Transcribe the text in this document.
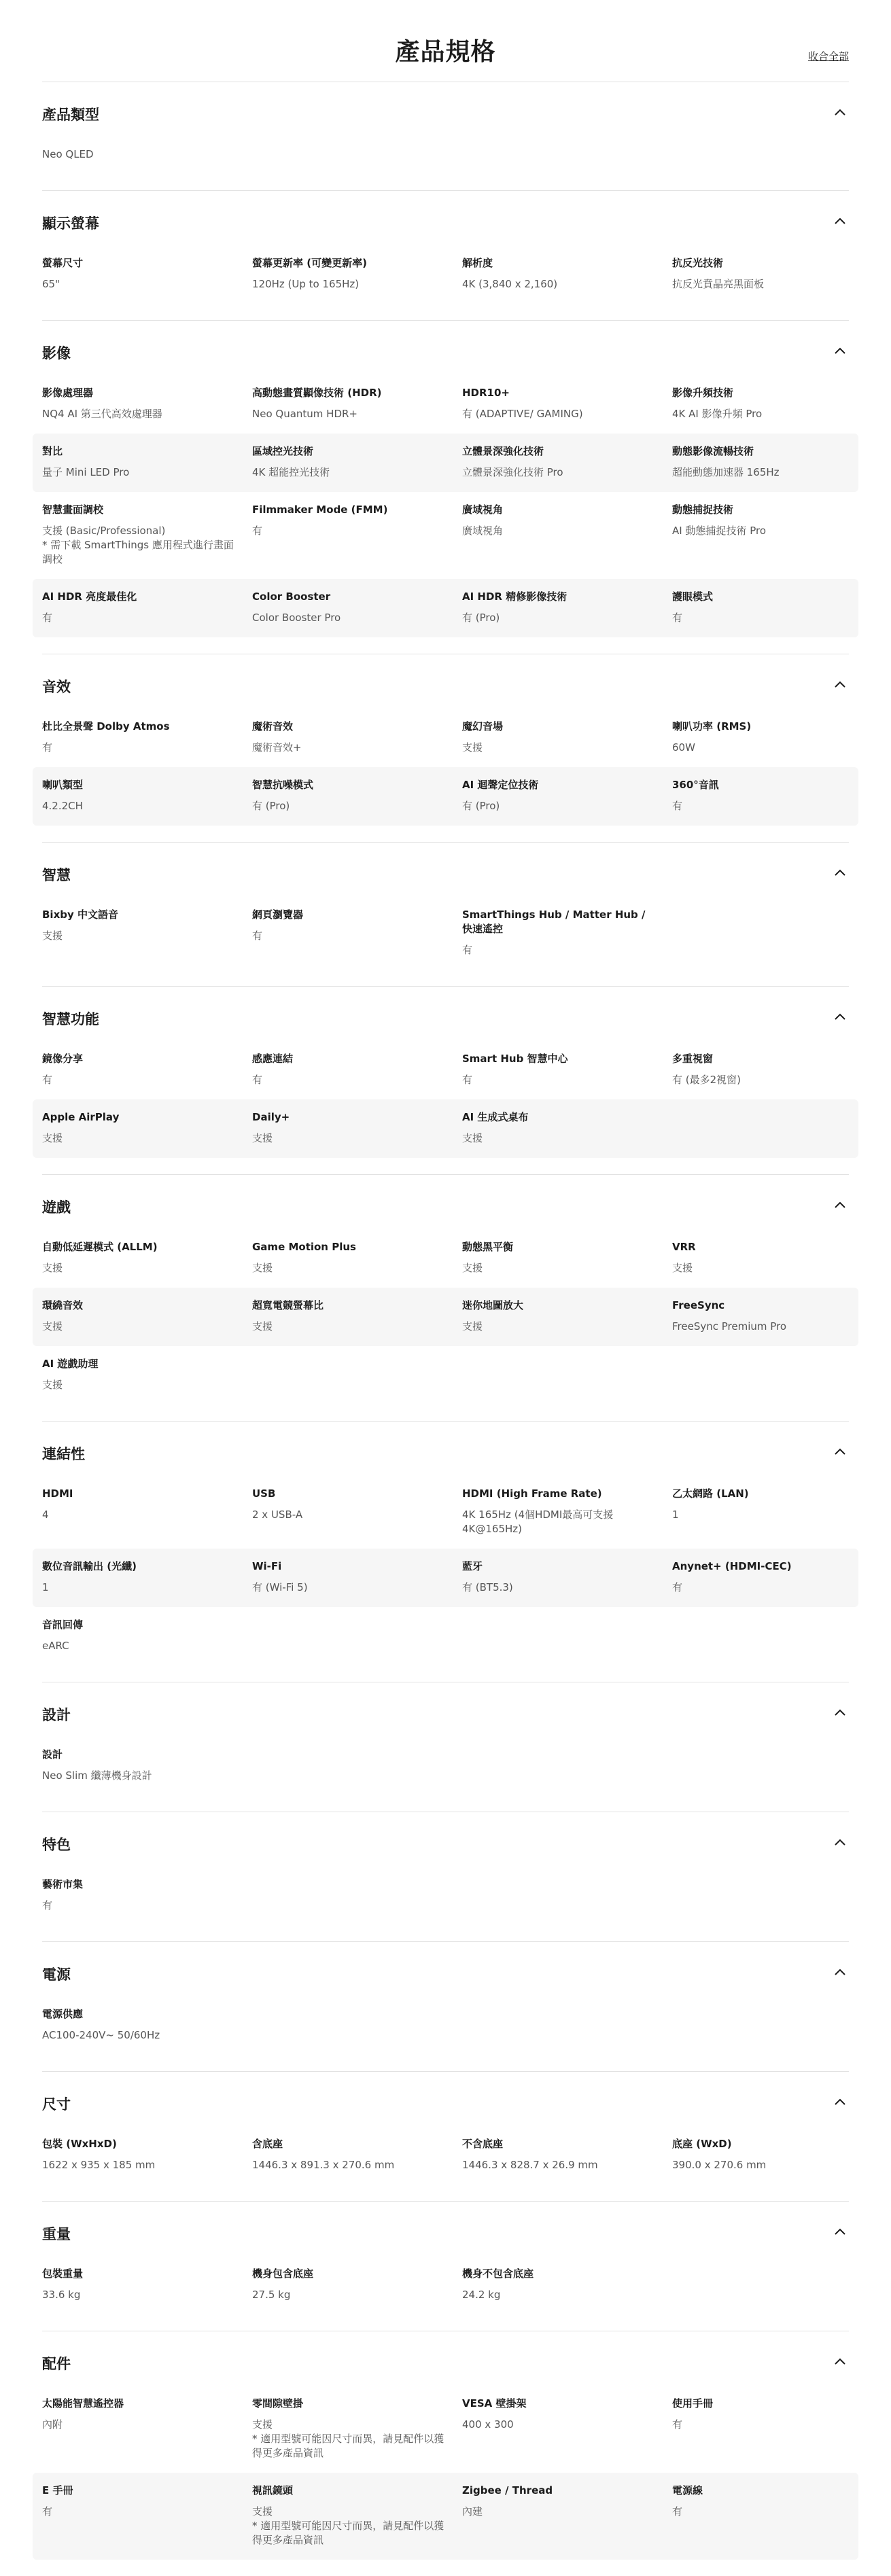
產品規格	收合全部
產品類型
Neo QLED
顯示螢幕
螢幕尺寸
65"
螢幕更新率 (可變更新率)
120Hz (Up to 165Hz)
解析度
4K (3,840 x 2,160)
抗反光技術
抗反光賁晶亮黑面板
影像
影像處理器
NQ4 AI 第三代高效處理器
高動態畫質顯像技術 (HDR)
Neo Quantum HDR+
HDR10+
有 (ADAPTIVE/ GAMING)
影像升頻技術
4K AI 影像升頻 Pro
對比
量子 Mini LED Pro
區域控光技術
4K 超能控光技術
立體景深強化技術
立體景深強化技術 Pro
動態影像流暢技術
超能動態加速器 165Hz
智慧畫面調校
支援 (Basic/Professional)
* 需下載 SmartThings 應用程式進行畫面調校
Filmmaker Mode (FMM)
有
廣域視角
廣域視角
動態捕捉技術
AI 動態捕捉技術 Pro
AI HDR 亮度最佳化
有
Color Booster
Color Booster Pro
AI HDR 精修影像技術
有 (Pro)
護眼模式
有
音效
杜比全景聲 Dolby Atmos
有
魔術音效
魔術音效+
魔幻音場
支援
喇叭功率 (RMS)
60W
喇叭類型
4.2.2CH
智慧抗噪模式
有 (Pro)
AI 迴聲定位技術
有 (Pro)
360°音訊
有
智慧
Bixby 中文語音
支援
網頁瀏覽器
有
SmartThings Hub / Matter Hub / 快速遙控
有
智慧功能
鏡像分享
有
感應連結
有
Smart Hub 智慧中心
有
多重視窗
有 (最多2視窗)
Apple AirPlay
支援
Daily+
支援
AI 生成式桌布
支援
遊戲
自動低延遲模式 (ALLM)
支援
Game Motion Plus
支援
動態黑平衡
支援
VRR
支援
環繞音效
支援
超寬電競螢幕比
支援
迷你地圖放大
支援
FreeSync
FreeSync Premium Pro
AI 遊戲助理
支援
連結性
HDMI
4
USB
2 x USB-A
HDMI (High Frame Rate)
4K 165Hz (4個HDMI最高可支援4K@165Hz)
乙太網路 (LAN)
1
數位音訊輸出 (光纖)
1
Wi-Fi
有 (Wi-Fi 5)
藍牙
有 (BT5.3)
Anynet+ (HDMI-CEC)
有
音訊回傳
eARC
設計
設計
Neo Slim 纖薄機身設計
特色
藝術市集
有
電源
電源供應
AC100-240V~ 50/60Hz
尺寸
包裝 (WxHxD)
1622 x 935 x 185 mm
含底座
1446.3 x 891.3 x 270.6 mm
不含底座
1446.3 x 828.7 x 26.9 mm
底座 (WxD)
390.0 x 270.6 mm
重量
包裝重量
33.6 kg
機身包含底座
27.5 kg
機身不包含底座
24.2 kg
配件
太陽能智慧遙控器
內附
零間隙壁掛
支援
* 適用型號可能因尺寸而異，請見配件以獲得更多產品資訊
VESA 壁掛架
400 x 300
使用手冊
有
E 手冊
有
視訊鏡頭
支援
* 適用型號可能因尺寸而異，請見配件以獲得更多產品資訊
Zigbee / Thread
內建
電源線
有
